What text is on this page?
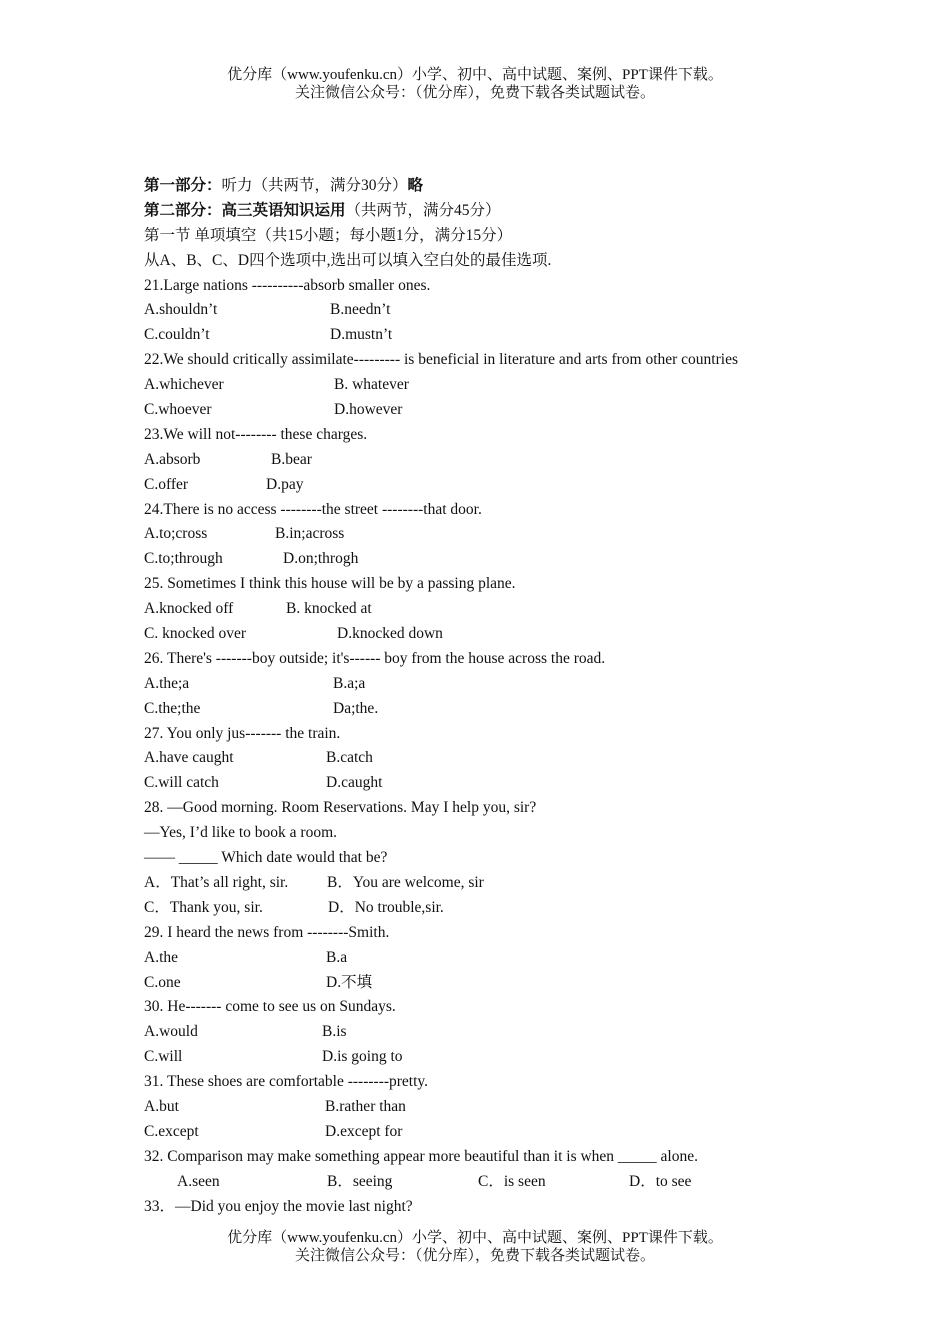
优分库（www.youfenku.cn）小学、初中、高中试题、案例、PPT课件下载。
关注微信公众号：（优分库），免费下载各类试题试卷。
第一部分：听力（共两节，满分30分）略
第二部分：高三英语知识运用（共两节，满分45分）
第一节 单项填空（共15小题；每小题1分，满分15分）
从A、B、C、D四个选项中,选出可以填入空白处的最佳选项.
21.Large nations ----------absorb smaller ones.
A.shouldn’t	B.needn’t
C.couldn’t	D.mustn’t
22.We should critically assimilate--------- is beneficial in literature and arts from other countries
A.whichever	B. whatever
C.whoever	D.however
23.We will not-------- these charges.
A.absorb	B.bear
C.offer	D.pay
24.There is no access --------the street --------that door.
A.to;cross	B.in;across
C.to;through	D.on;throgh
25. Sometimes I think this house will be by a passing plane.
A.knocked off	B. knocked at
C. knocked over	D.knocked down
26. There's -------boy outside; it's------ boy from the house across the road.
A.the;a	B.a;a
C.the;the	Da;the.
27. You only jus------- the train.
A.have caught	B.catch
C.will catch	D.caught
28. —Good morning. Room Reservations. May I help you, sir?
—Yes, I’d like to book a room.
—— _____ Which date would that be?
A．That’s all right, sir.	B．You are welcome, sir
C．Thank you, sir.	D．No trouble,sir.
29. I heard the news from --------Smith.
A.the	B.a
C.one	D.不填
30. He------- come to see us on Sundays.
A.would	B.is
C.will	D.is going to
31. These shoes are comfortable --------pretty.
A.but	B.rather than
C.except	D.except for
32. Comparison may make something appear more beautiful than it is when _____ alone.
A.seen	B．seeing	C．is seen	D．to see
33．—Did you enjoy the movie last night?
优分库（www.youfenku.cn）小学、初中、高中试题、案例、PPT课件下载。
关注微信公众号：（优分库），免费下载各类试题试卷。
